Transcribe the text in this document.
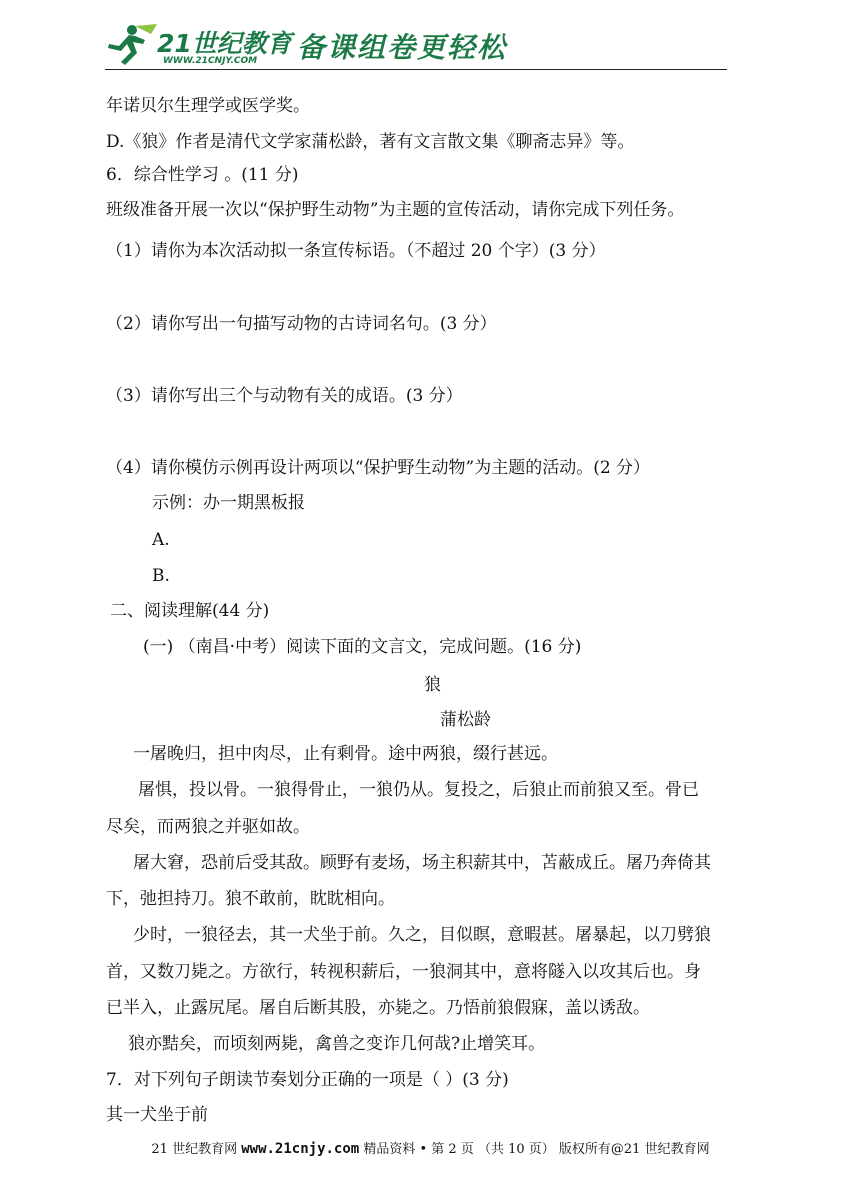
21世纪教育
WWW.21CNJY.COM 备课组卷更轻松
年诺贝尔生理学或医学奖。
D.《狼》作者是清代文学家蒲松龄，著有文言散文集《聊斋志异》等。
6．综合性学习 。(11 分)
班级准备开展一次以“保护野生动物”为主题的宣传活动，请你完成下列任务。
（1）请你为本次活动拟一条宣传标语。（不超过 20 个字）(3 分）
（2）请你写出一句描写动物的古诗词名句。(3 分）
（3）请你写出三个与动物有关的成语。(3 分）
（4）请你模仿示例再设计两项以“保护野生动物”为主题的活动。(2 分）
示例：办一期黑板报
A.
B.
二、阅读理解(44 分)
(一) （南昌·中考）阅读下面的文言文，完成问题。(16 分)
狼
蒲松龄
一屠晚归，担中肉尽，止有剩骨。途中两狼，缀行甚远。
屠惧，投以骨。一狼得骨止，一狼仍从。复投之，后狼止而前狼又至。骨已
尽矣，而两狼之并驱如故。
屠大窘，恐前后受其敌。顾野有麦场，场主积薪其中，苫蔽成丘。屠乃奔倚其
下，弛担持刀。狼不敢前，眈眈相向。
少时，一狼径去，其一犬坐于前。久之，目似瞑，意暇甚。屠暴起，以刀劈狼
首，又数刀毙之。方欲行，转视积薪后，一狼洞其中，意将隧入以攻其后也。身
已半入，止露尻尾。屠自后断其股，亦毙之。乃悟前狼假寐，盖以诱敌。
狼亦黠矣，而顷刻两毙，禽兽之变诈几何哉?止增笑耳。
7．对下列句子朗读节奏划分正确的一项是（ ）(3 分)
其一犬坐于前
21 世纪教育网 www.21cnjy.com 精品资料 • 第 2 页 （共 10 页） 版权所有@21 世纪教育网
